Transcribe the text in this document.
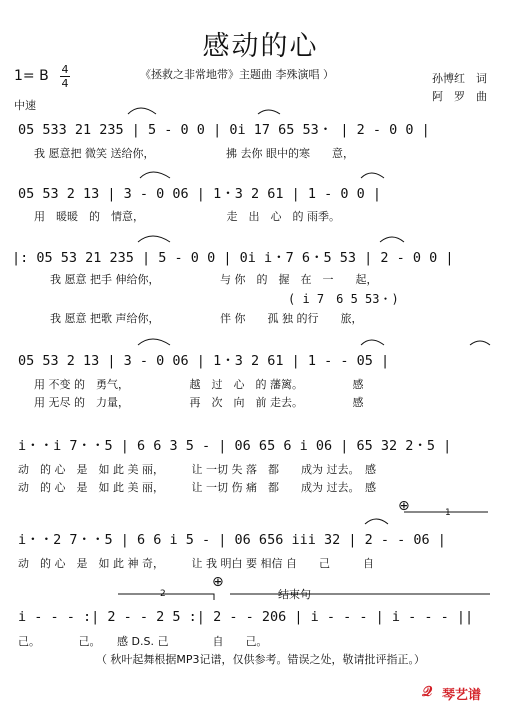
感动的心
1= B 4
4
《拯救之非常地带》主题曲 李殊演唱 ）	孙博红　词
阿　罗　曲
中速
05 533 21 235 | 5 - 0 0 | 0i 17 65 53・ | 2 - 0 0 |
我 愿意把 微笑 送给你，　　　　　　　拂 去你 眼中的寒　　意，
05 53 2 13 | 3 - 0 06 | 1・3 2 61 | 1 - 0 0 |
用　暖暖　的　情意，　　　　　　　　走　出　心　的 雨季。
|: 05 53 21 235 | 5 - 0 0 | 0i i・7 6・5 53 | 2 - 0 0 |
我 愿意 把手 伸给你，　　　　　　与 你　的　握　在　一　　起，
( i 7　6 5 53・)
我 愿意 把歌 声给你，　　　　　　伴 你　　孤 独 的行　　旅，
05 53 2 13 | 3 - 0 06 | 1・3 2 61 | 1 - - 05 |
用 不变 的　勇气，　　　　　　越　过　心　的 藩篱。　　　　　感
用 无尽 的　力量，　　　　　　再　次　向　前 走去。　　　　　感
i・・i 7・・5 | 6 6 3 5 - | 06 65 6 i 06 | 65 32 2・5 |
动　的 心　是　如 此 美 丽，　　　让 一切 失 落　都　　成为 过去。　感
动　的 心　是　如 此 美 丽，　　　让 一切 伤 痛　都　　成为 过去。　感
⊕	1
i・・2 7・・5 | 6 6 i 5 - | 06 656 iii 32 | 2 - - 06 |
动　的 心　是　如 此 神 奇，　　　让 我 明白 要 相信 自　　己　　　自
⊕
2	结束句
i - - - :| 2 - - 2 5 :| 2 - - 206 | i - - - | i - - - ||
己。　　　　己。　　感 D.S. 己　　　　自　　己。
（ 秋叶起舞根据MP3记谱，仅供参考。错误之处，敬请批评指正。）
𝒬 琴艺谱
